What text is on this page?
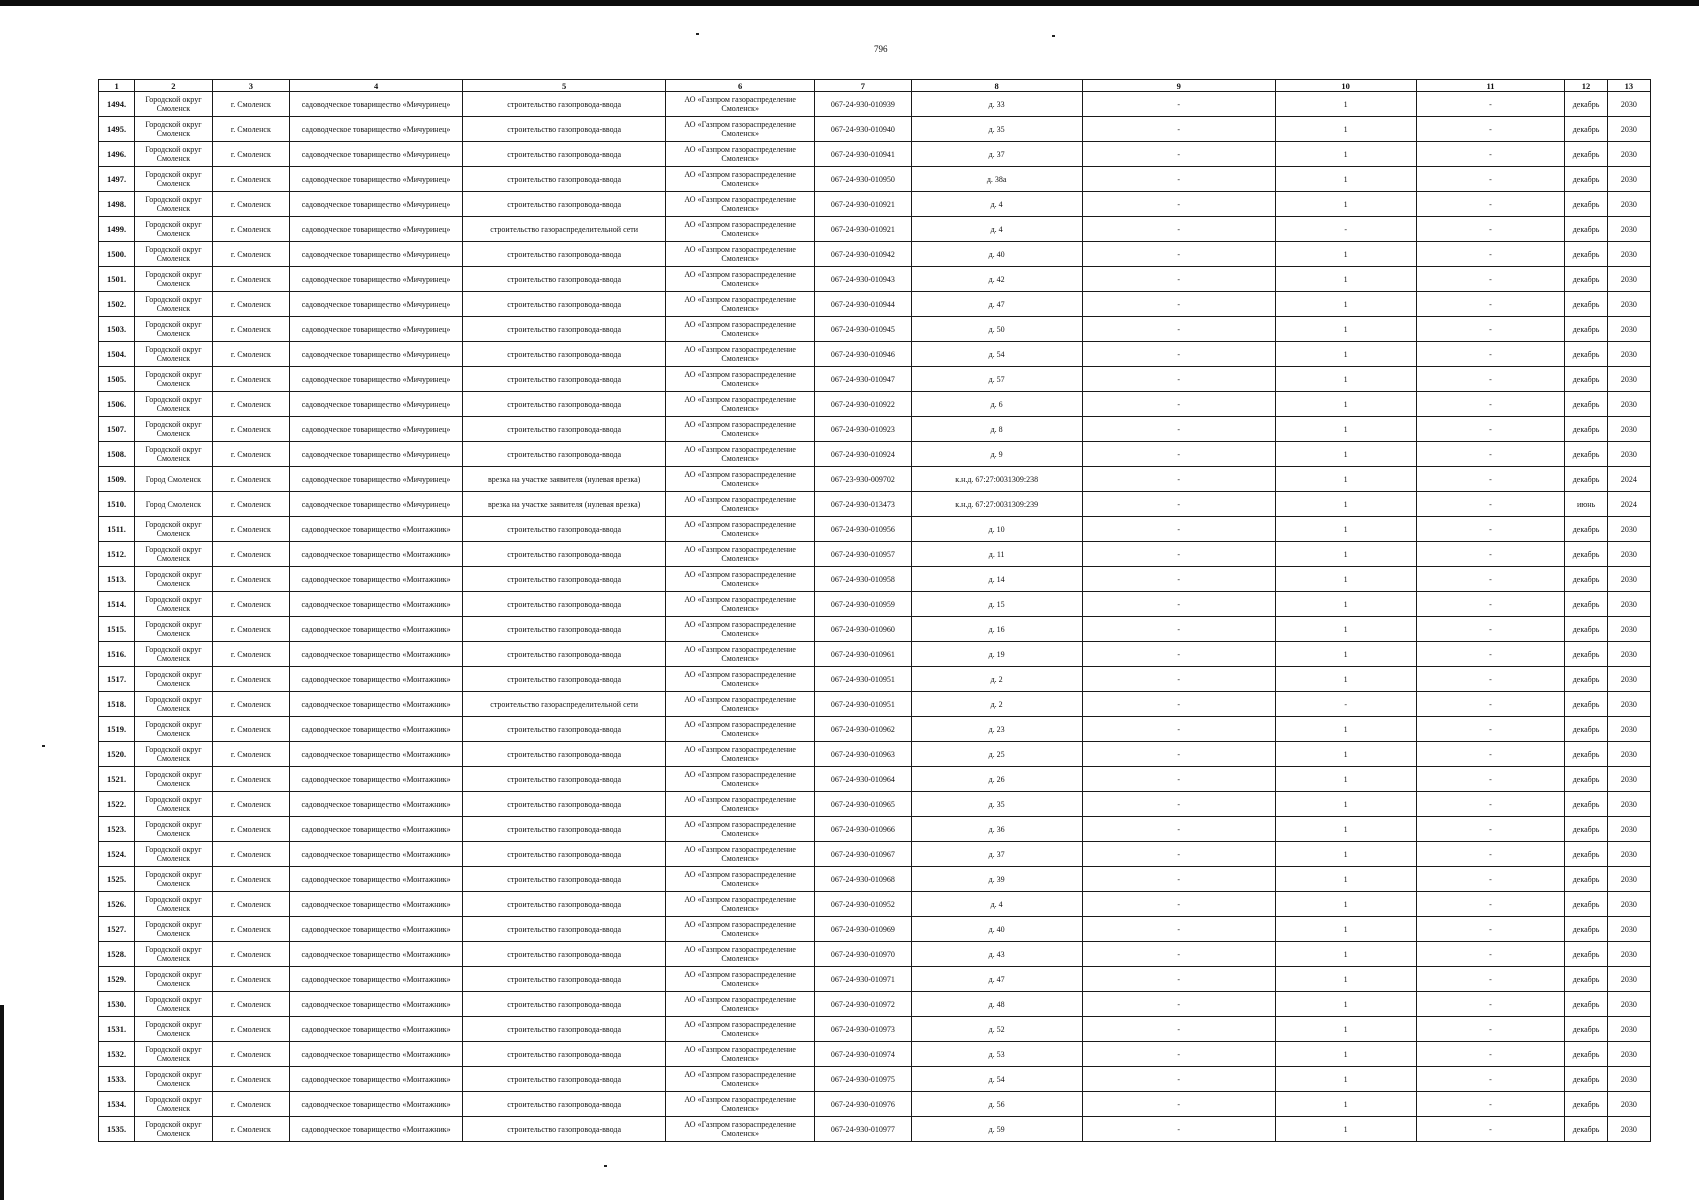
796
1	2	3	4	5	6	7	8	9	10	11	12	13
1494.	Городской округ Смоленск	г. Смоленск	садоводческое товарищество «Мичуринец»	строительство газопровода-ввода	АО «Газпром газораспределение Смоленск»	067-24-930-010939	д. 33	-	1	-	декабрь	2030
1495.	Городской округ Смоленск	г. Смоленск	садоводческое товарищество «Мичуринец»	строительство газопровода-ввода	АО «Газпром газораспределение Смоленск»	067-24-930-010940	д. 35	-	1	-	декабрь	2030
1496.	Городской округ Смоленск	г. Смоленск	садоводческое товарищество «Мичуринец»	строительство газопровода-ввода	АО «Газпром газораспределение Смоленск»	067-24-930-010941	д. 37	-	1	-	декабрь	2030
1497.	Городской округ Смоленск	г. Смоленск	садоводческое товарищество «Мичуринец»	строительство газопровода-ввода	АО «Газпром газораспределение Смоленск»	067-24-930-010950	д. 38а	-	1	-	декабрь	2030
1498.	Городской округ Смоленск	г. Смоленск	садоводческое товарищество «Мичуринец»	строительство газопровода-ввода	АО «Газпром газораспределение Смоленск»	067-24-930-010921	д. 4	-	1	-	декабрь	2030
1499.	Городской округ Смоленск	г. Смоленск	садоводческое товарищество «Мичуринец»	строительство газораспределительной сети	АО «Газпром газораспределение Смоленск»	067-24-930-010921	д. 4	-	-	-	декабрь	2030
1500.	Городской округ Смоленск	г. Смоленск	садоводческое товарищество «Мичуринец»	строительство газопровода-ввода	АО «Газпром газораспределение Смоленск»	067-24-930-010942	д. 40	-	1	-	декабрь	2030
1501.	Городской округ Смоленск	г. Смоленск	садоводческое товарищество «Мичуринец»	строительство газопровода-ввода	АО «Газпром газораспределение Смоленск»	067-24-930-010943	д. 42	-	1	-	декабрь	2030
1502.	Городской округ Смоленск	г. Смоленск	садоводческое товарищество «Мичуринец»	строительство газопровода-ввода	АО «Газпром газораспределение Смоленск»	067-24-930-010944	д. 47	-	1	-	декабрь	2030
1503.	Городской округ Смоленск	г. Смоленск	садоводческое товарищество «Мичуринец»	строительство газопровода-ввода	АО «Газпром газораспределение Смоленск»	067-24-930-010945	д. 50	-	1	-	декабрь	2030
1504.	Городской округ Смоленск	г. Смоленск	садоводческое товарищество «Мичуринец»	строительство газопровода-ввода	АО «Газпром газораспределение Смоленск»	067-24-930-010946	д. 54	-	1	-	декабрь	2030
1505.	Городской округ Смоленск	г. Смоленск	садоводческое товарищество «Мичуринец»	строительство газопровода-ввода	АО «Газпром газораспределение Смоленск»	067-24-930-010947	д. 57	-	1	-	декабрь	2030
1506.	Городской округ Смоленск	г. Смоленск	садоводческое товарищество «Мичуринец»	строительство газопровода-ввода	АО «Газпром газораспределение Смоленск»	067-24-930-010922	д. 6	-	1	-	декабрь	2030
1507.	Городской округ Смоленск	г. Смоленск	садоводческое товарищество «Мичуринец»	строительство газопровода-ввода	АО «Газпром газораспределение Смоленск»	067-24-930-010923	д. 8	-	1	-	декабрь	2030
1508.	Городской округ Смоленск	г. Смоленск	садоводческое товарищество «Мичуринец»	строительство газопровода-ввода	АО «Газпром газораспределение Смоленск»	067-24-930-010924	д. 9	-	1	-	декабрь	2030
1509.	Город Смоленск	г. Смоленск	садоводческое товарищество «Мичуринец»	врезка на участке заявителя (нулевая врезка)	АО «Газпром газораспределение Смоленск»	067-23-930-009702	к.н.д. 67:27:0031309:238	-	1	-	декабрь	2024
1510.	Город Смоленск	г. Смоленск	садоводческое товарищество «Мичуринец»	врезка на участке заявителя (нулевая врезка)	АО «Газпром газораспределение Смоленск»	067-24-930-013473	к.н.д. 67:27:0031309:239	-	1	-	июнь	2024
1511.	Городской округ Смоленск	г. Смоленск	садоводческое товарищество «Монтажник»	строительство газопровода-ввода	АО «Газпром газораспределение Смоленск»	067-24-930-010956	д. 10	-	1	-	декабрь	2030
1512.	Городской округ Смоленск	г. Смоленск	садоводческое товарищество «Монтажник»	строительство газопровода-ввода	АО «Газпром газораспределение Смоленск»	067-24-930-010957	д. 11	-	1	-	декабрь	2030
1513.	Городской округ Смоленск	г. Смоленск	садоводческое товарищество «Монтажник»	строительство газопровода-ввода	АО «Газпром газораспределение Смоленск»	067-24-930-010958	д. 14	-	1	-	декабрь	2030
1514.	Городской округ Смоленск	г. Смоленск	садоводческое товарищество «Монтажник»	строительство газопровода-ввода	АО «Газпром газораспределение Смоленск»	067-24-930-010959	д. 15	-	1	-	декабрь	2030
1515.	Городской округ Смоленск	г. Смоленск	садоводческое товарищество «Монтажник»	строительство газопровода-ввода	АО «Газпром газораспределение Смоленск»	067-24-930-010960	д. 16	-	1	-	декабрь	2030
1516.	Городской округ Смоленск	г. Смоленск	садоводческое товарищество «Монтажник»	строительство газопровода-ввода	АО «Газпром газораспределение Смоленск»	067-24-930-010961	д. 19	-	1	-	декабрь	2030
1517.	Городской округ Смоленск	г. Смоленск	садоводческое товарищество «Монтажник»	строительство газопровода-ввода	АО «Газпром газораспределение Смоленск»	067-24-930-010951	д. 2	-	1	-	декабрь	2030
1518.	Городской округ Смоленск	г. Смоленск	садоводческое товарищество «Монтажник»	строительство газораспределительной сети	АО «Газпром газораспределение Смоленск»	067-24-930-010951	д. 2	-	-	-	декабрь	2030
1519.	Городской округ Смоленск	г. Смоленск	садоводческое товарищество «Монтажник»	строительство газопровода-ввода	АО «Газпром газораспределение Смоленск»	067-24-930-010962	д. 23	-	1	-	декабрь	2030
1520.	Городской округ Смоленск	г. Смоленск	садоводческое товарищество «Монтажник»	строительство газопровода-ввода	АО «Газпром газораспределение Смоленск»	067-24-930-010963	д. 25	-	1	-	декабрь	2030
1521.	Городской округ Смоленск	г. Смоленск	садоводческое товарищество «Монтажник»	строительство газопровода-ввода	АО «Газпром газораспределение Смоленск»	067-24-930-010964	д. 26	-	1	-	декабрь	2030
1522.	Городской округ Смоленск	г. Смоленск	садоводческое товарищество «Монтажник»	строительство газопровода-ввода	АО «Газпром газораспределение Смоленск»	067-24-930-010965	д. 35	-	1	-	декабрь	2030
1523.	Городской округ Смоленск	г. Смоленск	садоводческое товарищество «Монтажник»	строительство газопровода-ввода	АО «Газпром газораспределение Смоленск»	067-24-930-010966	д. 36	-	1	-	декабрь	2030
1524.	Городской округ Смоленск	г. Смоленск	садоводческое товарищество «Монтажник»	строительство газопровода-ввода	АО «Газпром газораспределение Смоленск»	067-24-930-010967	д. 37	-	1	-	декабрь	2030
1525.	Городской округ Смоленск	г. Смоленск	садоводческое товарищество «Монтажник»	строительство газопровода-ввода	АО «Газпром газораспределение Смоленск»	067-24-930-010968	д. 39	-	1	-	декабрь	2030
1526.	Городской округ Смоленск	г. Смоленск	садоводческое товарищество «Монтажник»	строительство газопровода-ввода	АО «Газпром газораспределение Смоленск»	067-24-930-010952	д. 4	-	1	-	декабрь	2030
1527.	Городской округ Смоленск	г. Смоленск	садоводческое товарищество «Монтажник»	строительство газопровода-ввода	АО «Газпром газораспределение Смоленск»	067-24-930-010969	д. 40	-	1	-	декабрь	2030
1528.	Городской округ Смоленск	г. Смоленск	садоводческое товарищество «Монтажник»	строительство газопровода-ввода	АО «Газпром газораспределение Смоленск»	067-24-930-010970	д. 43	-	1	-	декабрь	2030
1529.	Городской округ Смоленск	г. Смоленск	садоводческое товарищество «Монтажник»	строительство газопровода-ввода	АО «Газпром газораспределение Смоленск»	067-24-930-010971	д. 47	-	1	-	декабрь	2030
1530.	Городской округ Смоленск	г. Смоленск	садоводческое товарищество «Монтажник»	строительство газопровода-ввода	АО «Газпром газораспределение Смоленск»	067-24-930-010972	д. 48	-	1	-	декабрь	2030
1531.	Городской округ Смоленск	г. Смоленск	садоводческое товарищество «Монтажник»	строительство газопровода-ввода	АО «Газпром газораспределение Смоленск»	067-24-930-010973	д. 52	-	1	-	декабрь	2030
1532.	Городской округ Смоленск	г. Смоленск	садоводческое товарищество «Монтажник»	строительство газопровода-ввода	АО «Газпром газораспределение Смоленск»	067-24-930-010974	д. 53	-	1	-	декабрь	2030
1533.	Городской округ Смоленск	г. Смоленск	садоводческое товарищество «Монтажник»	строительство газопровода-ввода	АО «Газпром газораспределение Смоленск»	067-24-930-010975	д. 54	-	1	-	декабрь	2030
1534.	Городской округ Смоленск	г. Смоленск	садоводческое товарищество «Монтажник»	строительство газопровода-ввода	АО «Газпром газораспределение Смоленск»	067-24-930-010976	д. 56	-	1	-	декабрь	2030
1535.	Городской округ Смоленск	г. Смоленск	садоводческое товарищество «Монтажник»	строительство газопровода-ввода	АО «Газпром газораспределение Смоленск»	067-24-930-010977	д. 59	-	1	-	декабрь	2030
